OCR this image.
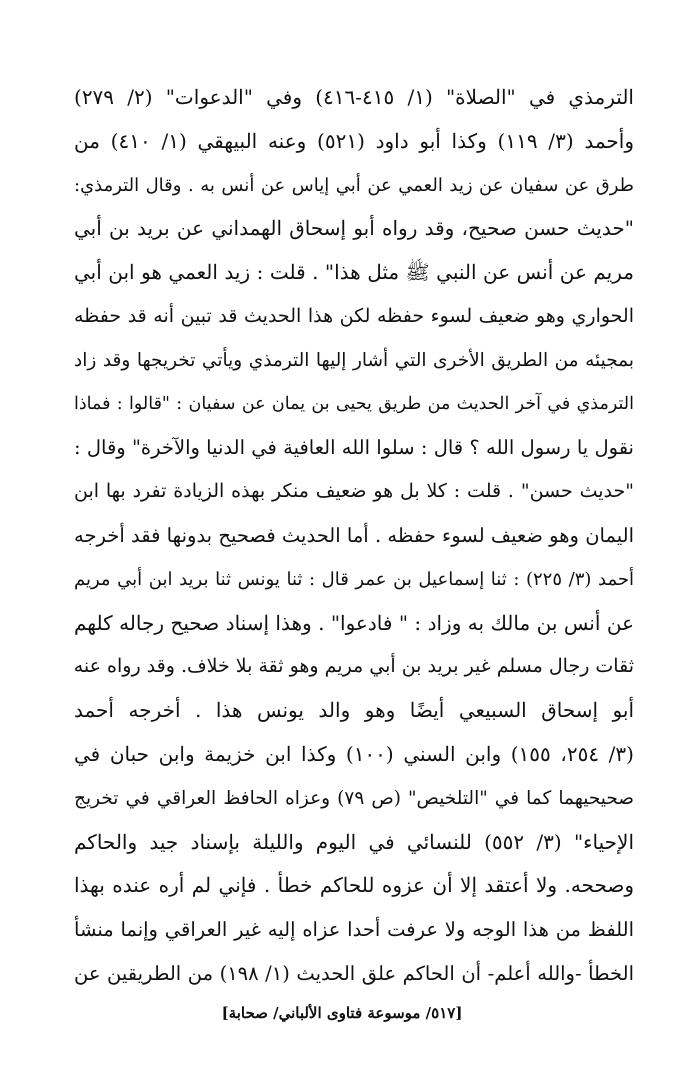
الترمذي في "الصلاة" (١/ ٤١٥-٤١٦) وفي "الدعوات" (٢/ ٢٧٩)
وأحمد (٣/ ١١٩) وكذا أبو داود (٥٢١) وعنه البيهقي (١/ ٤١٠) من
طرق عن سفيان عن زيد العمي عن أبي إياس عن أنس به . وقال الترمذي:
"حديث حسن صحيح، وقد رواه أبو إسحاق الهمداني عن بريد بن أبي
مريم عن أنس عن النبي ﷺ مثل هذا" . قلت : زيد العمي هو ابن أبي
الحواري وهو ضعيف لسوء حفظه لكن هذا الحديث قد تبين أنه قد حفظه
بمجيئه من الطريق الأخرى التي أشار إليها الترمذي ويأتي تخريجها وقد زاد
الترمذي في آخر الحديث من طريق يحيى بن يمان عن سفيان : "قالوا : فماذا
نقول يا رسول الله ؟ قال : سلوا الله العافية في الدنيا والآخرة" وقال :
"حديث حسن" . قلت : كلا بل هو ضعيف منكر بهذه الزيادة تفرد بها ابن
اليمان وهو ضعيف لسوء حفظه . أما الحديث فصحيح بدونها فقد أخرجه
أحمد (٣/ ٢٢٥) : ثنا إسماعيل بن عمر قال : ثنا يونس ثنا بريد ابن أبي مريم
عن أنس بن مالك به وزاد : " فادعوا" . وهذا إسناد صحيح رجاله كلهم
ثقات رجال مسلم غير بريد بن أبي مريم وهو ثقة بلا خلاف. وقد رواه عنه
أبو إسحاق السبيعي أيضًا وهو والد يونس هذا . أخرجه أحمد
(٣/ ٢٥٤، ١٥٥) وابن السني (١٠٠) وكذا ابن خزيمة وابن حبان في
صحيحيهما كما في "التلخيص" (ص ٧٩) وعزاه الحافظ العراقي في تخريج
الإحياء" (٣/ ٥٥٢) للنسائي في اليوم والليلة بإسناد جيد والحاكم
وصححه. ولا أعتقد إلا أن عزوه للحاكم خطأ . فإني لم أره عنده بهذا
اللفظ من هذا الوجه ولا عرفت أحدا عزاه إليه غير العراقي وإنما منشأ
الخطأ -والله أعلم- أن الحاكم علق الحديث (١/ ١٩٨) من الطريقين عن
[٥١٧/ موسوعة فتاوى الألباني/ صحابة]
